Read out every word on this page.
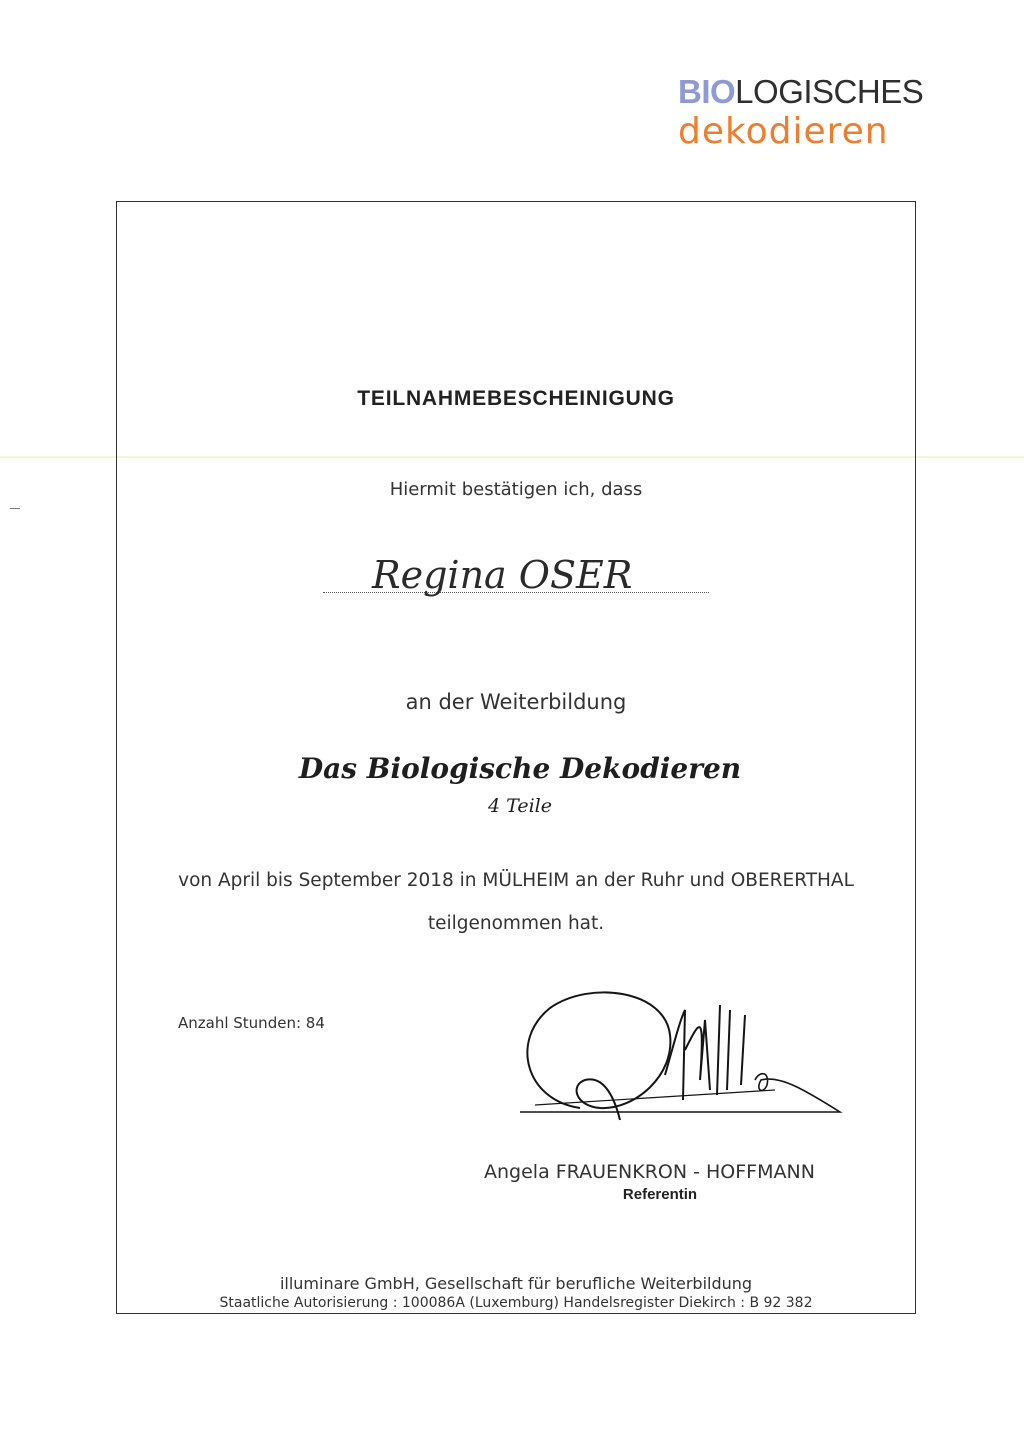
BIOLOGISCHES
dekodieren
TEILNAHMEBESCHEINIGUNG
Hiermit bestätigen ich, dass
Regina OSER
an der Weiterbildung
Das Biologische Dekodieren
4 Teile
von April bis September 2018 in MÜLHEIM an der Ruhr und OBERERTHAL
teilgenommen hat.
Anzahl Stunden: 84
Angela FRAUENKRON - HOFFMANN
Referentin
illuminare GmbH, Gesellschaft für berufliche Weiterbildung
Staatliche Autorisierung : 100086A (Luxemburg) Handelsregister Diekirch : B 92 382
